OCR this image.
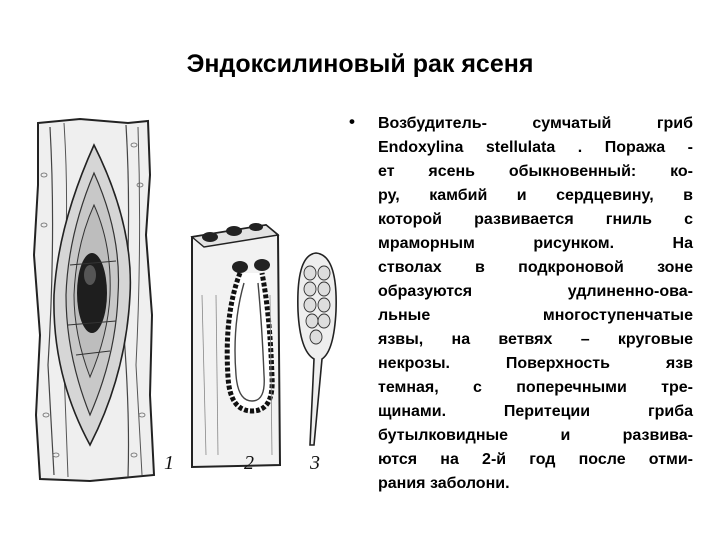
Эндоксилиновый рак ясеня
1	2	3
• Возбудитель- сумчатый гриб
Endoxylina stellulata . Поража -
ет ясень обыкновенный: ко-
ру, камбий и сердцевину, в
которой развивается гниль с
мраморным рисунком. На
стволах в подкроновой зоне
образуются удлиненно-ова-
льные многоступенчатые
язвы, на ветвях – круговые
некрозы. Поверхность язв
темная, с поперечными тре-
щинами. Перитеции гриба
бутылковидные и развива-
ются на 2-й год после отми-
рания заболони.
